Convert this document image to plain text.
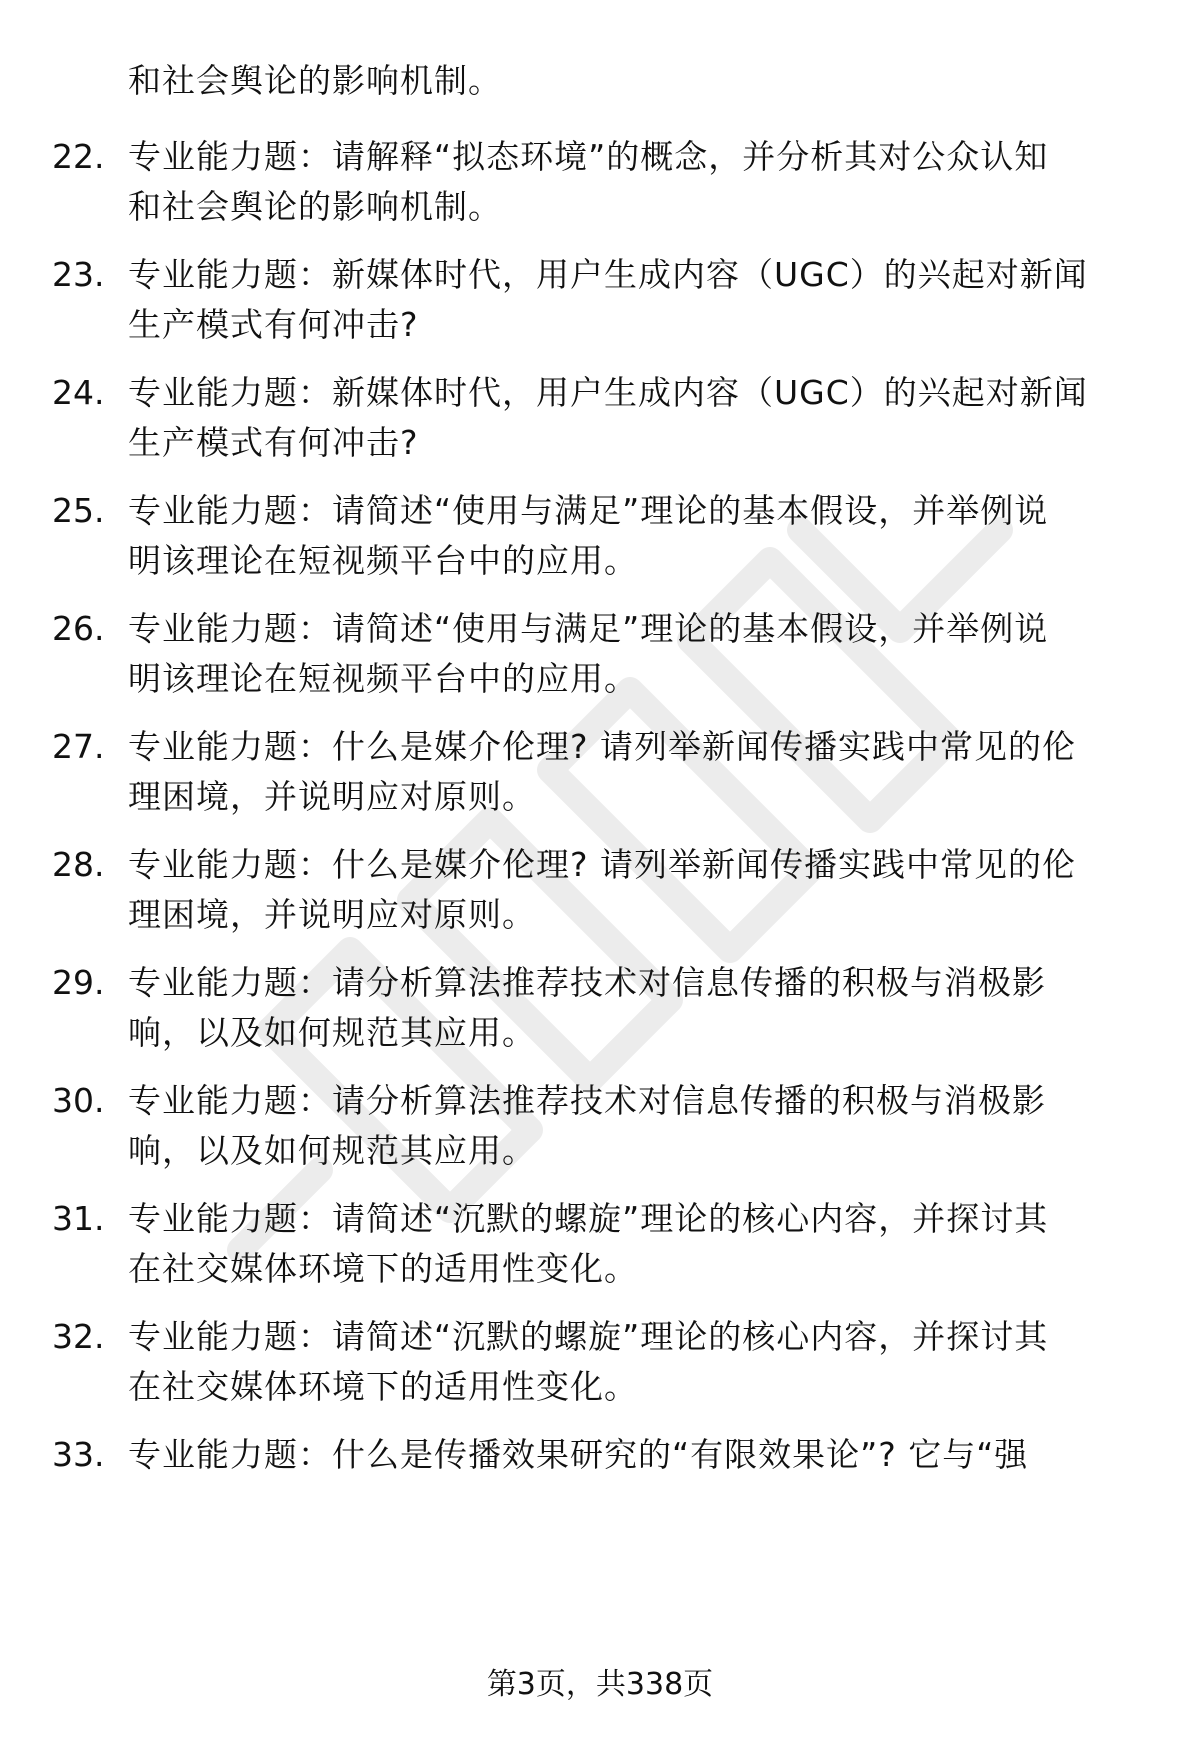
和社会舆论的影响机制。

22. 专业能力题：请解释“拟态环境”的概念，并分析其对公众认知
和社会舆论的影响机制。
23. 专业能力题：新媒体时代，用户生成内容（UGC）的兴起对新闻
生产模式有何冲击?
24. 专业能力题：新媒体时代，用户生成内容（UGC）的兴起对新闻
生产模式有何冲击?
25. 专业能力题：请简述“使用与满足”理论的基本假设，并举例说
明该理论在短视频平台中的应用。
26. 专业能力题：请简述“使用与满足”理论的基本假设，并举例说
明该理论在短视频平台中的应用。
27. 专业能力题：什么是媒介伦理? 请列举新闻传播实践中常见的伦
理困境，并说明应对原则。
28. 专业能力题：什么是媒介伦理? 请列举新闻传播实践中常见的伦
理困境，并说明应对原则。
29. 专业能力题：请分析算法推荐技术对信息传播的积极与消极影
响，以及如何规范其应用。
30. 专业能力题：请分析算法推荐技术对信息传播的积极与消极影
响，以及如何规范其应用。
31. 专业能力题：请简述“沉默的螺旋”理论的核心内容，并探讨其
在社交媒体环境下的适用性变化。
32. 专业能力题：请简述“沉默的螺旋”理论的核心内容，并探讨其
在社交媒体环境下的适用性变化。
33. 专业能力题：什么是传播效果研究的“有限效果论”? 它与“强
第3页，共338页
